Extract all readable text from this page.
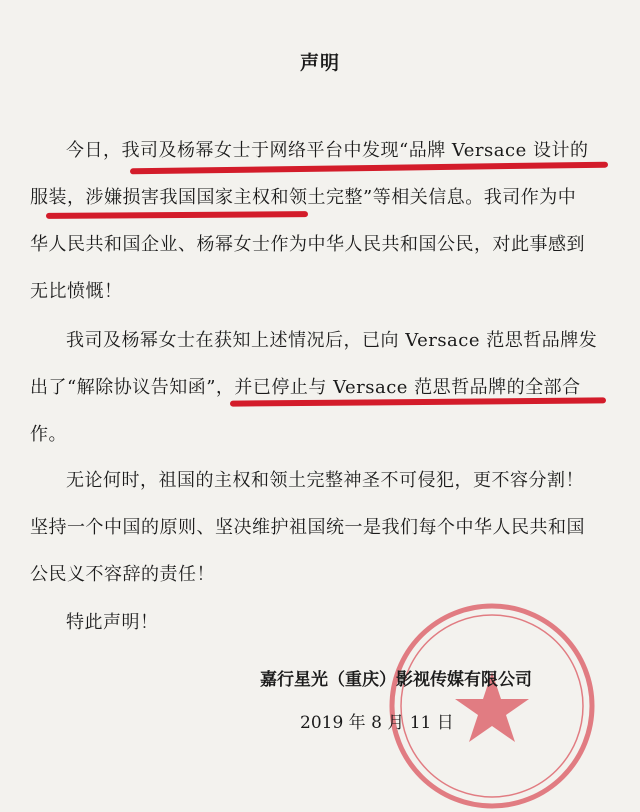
声明
今日，我司及杨幂女士于网络平台中发现“品牌 Versace 设计的
服装，涉嫌损害我国国家主权和领土完整”等相关信息。我司作为中
华人民共和国企业、杨幂女士作为中华人民共和国公民，对此事感到
无比愤慨！
我司及杨幂女士在获知上述情况后，已向 Versace 范思哲品牌发
出了“解除协议告知函”，并已停止与 Versace 范思哲品牌的全部合
作。
无论何时，祖国的主权和领土完整神圣不可侵犯，更不容分割！
坚持一个中国的原则、坚决维护祖国统一是我们每个中华人民共和国
公民义不容辞的责任！
特此声明！
嘉行星光（重庆）影视传媒有限公司
2019 年 8 月 11 日
